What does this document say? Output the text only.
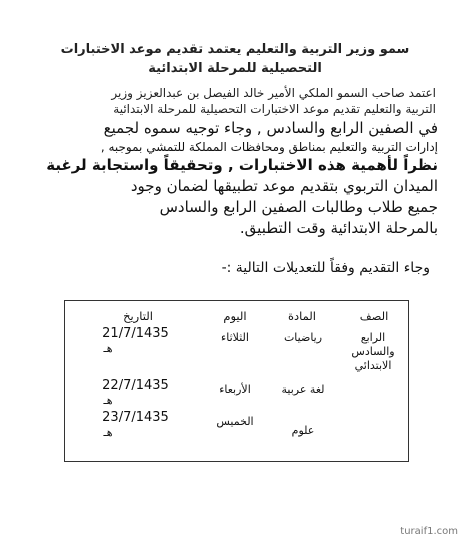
سمو وزير التربية والتعليم يعتمد تقديم موعد الاختبارات
التحصيلية للمرحلة الابتدائية
اعتمد صاحب السمو الملكي الأمير خالد الفيصل بن عبدالعزيز وزير
التربية والتعليم تقديم موعد الاختبارات التحصيلية للمرحلة الابتدائية
في الصفين الرابع والسادس , وجاء توجيه سموه لجميع
إدارات التربية والتعليم بمناطق ومحافظات المملكة للتمشي بموجبه ,
نظراً لأهمية هذه الاختبارات , وتحقيقاً واستجابة لرغبة
الميدان التربوي بتقديم موعد تطبيقها لضمان وجود
جميع طلاب وطالبات الصفين الرابع والسادس
بالمرحلة الابتدائية وقت التطبيق.
وجاء التقديم وفقاً للتعديلات التالية :-
الصف
المادة
اليوم
التاريخ
الرابع
والسادس
الابتدائي
رياضيات
الثلاثاء
21/7/1435
هـ
لغة عربية
الأربعاء
22/7/1435
هـ
علوم
الخميس
23/7/1435
هـ
turaif1.com
